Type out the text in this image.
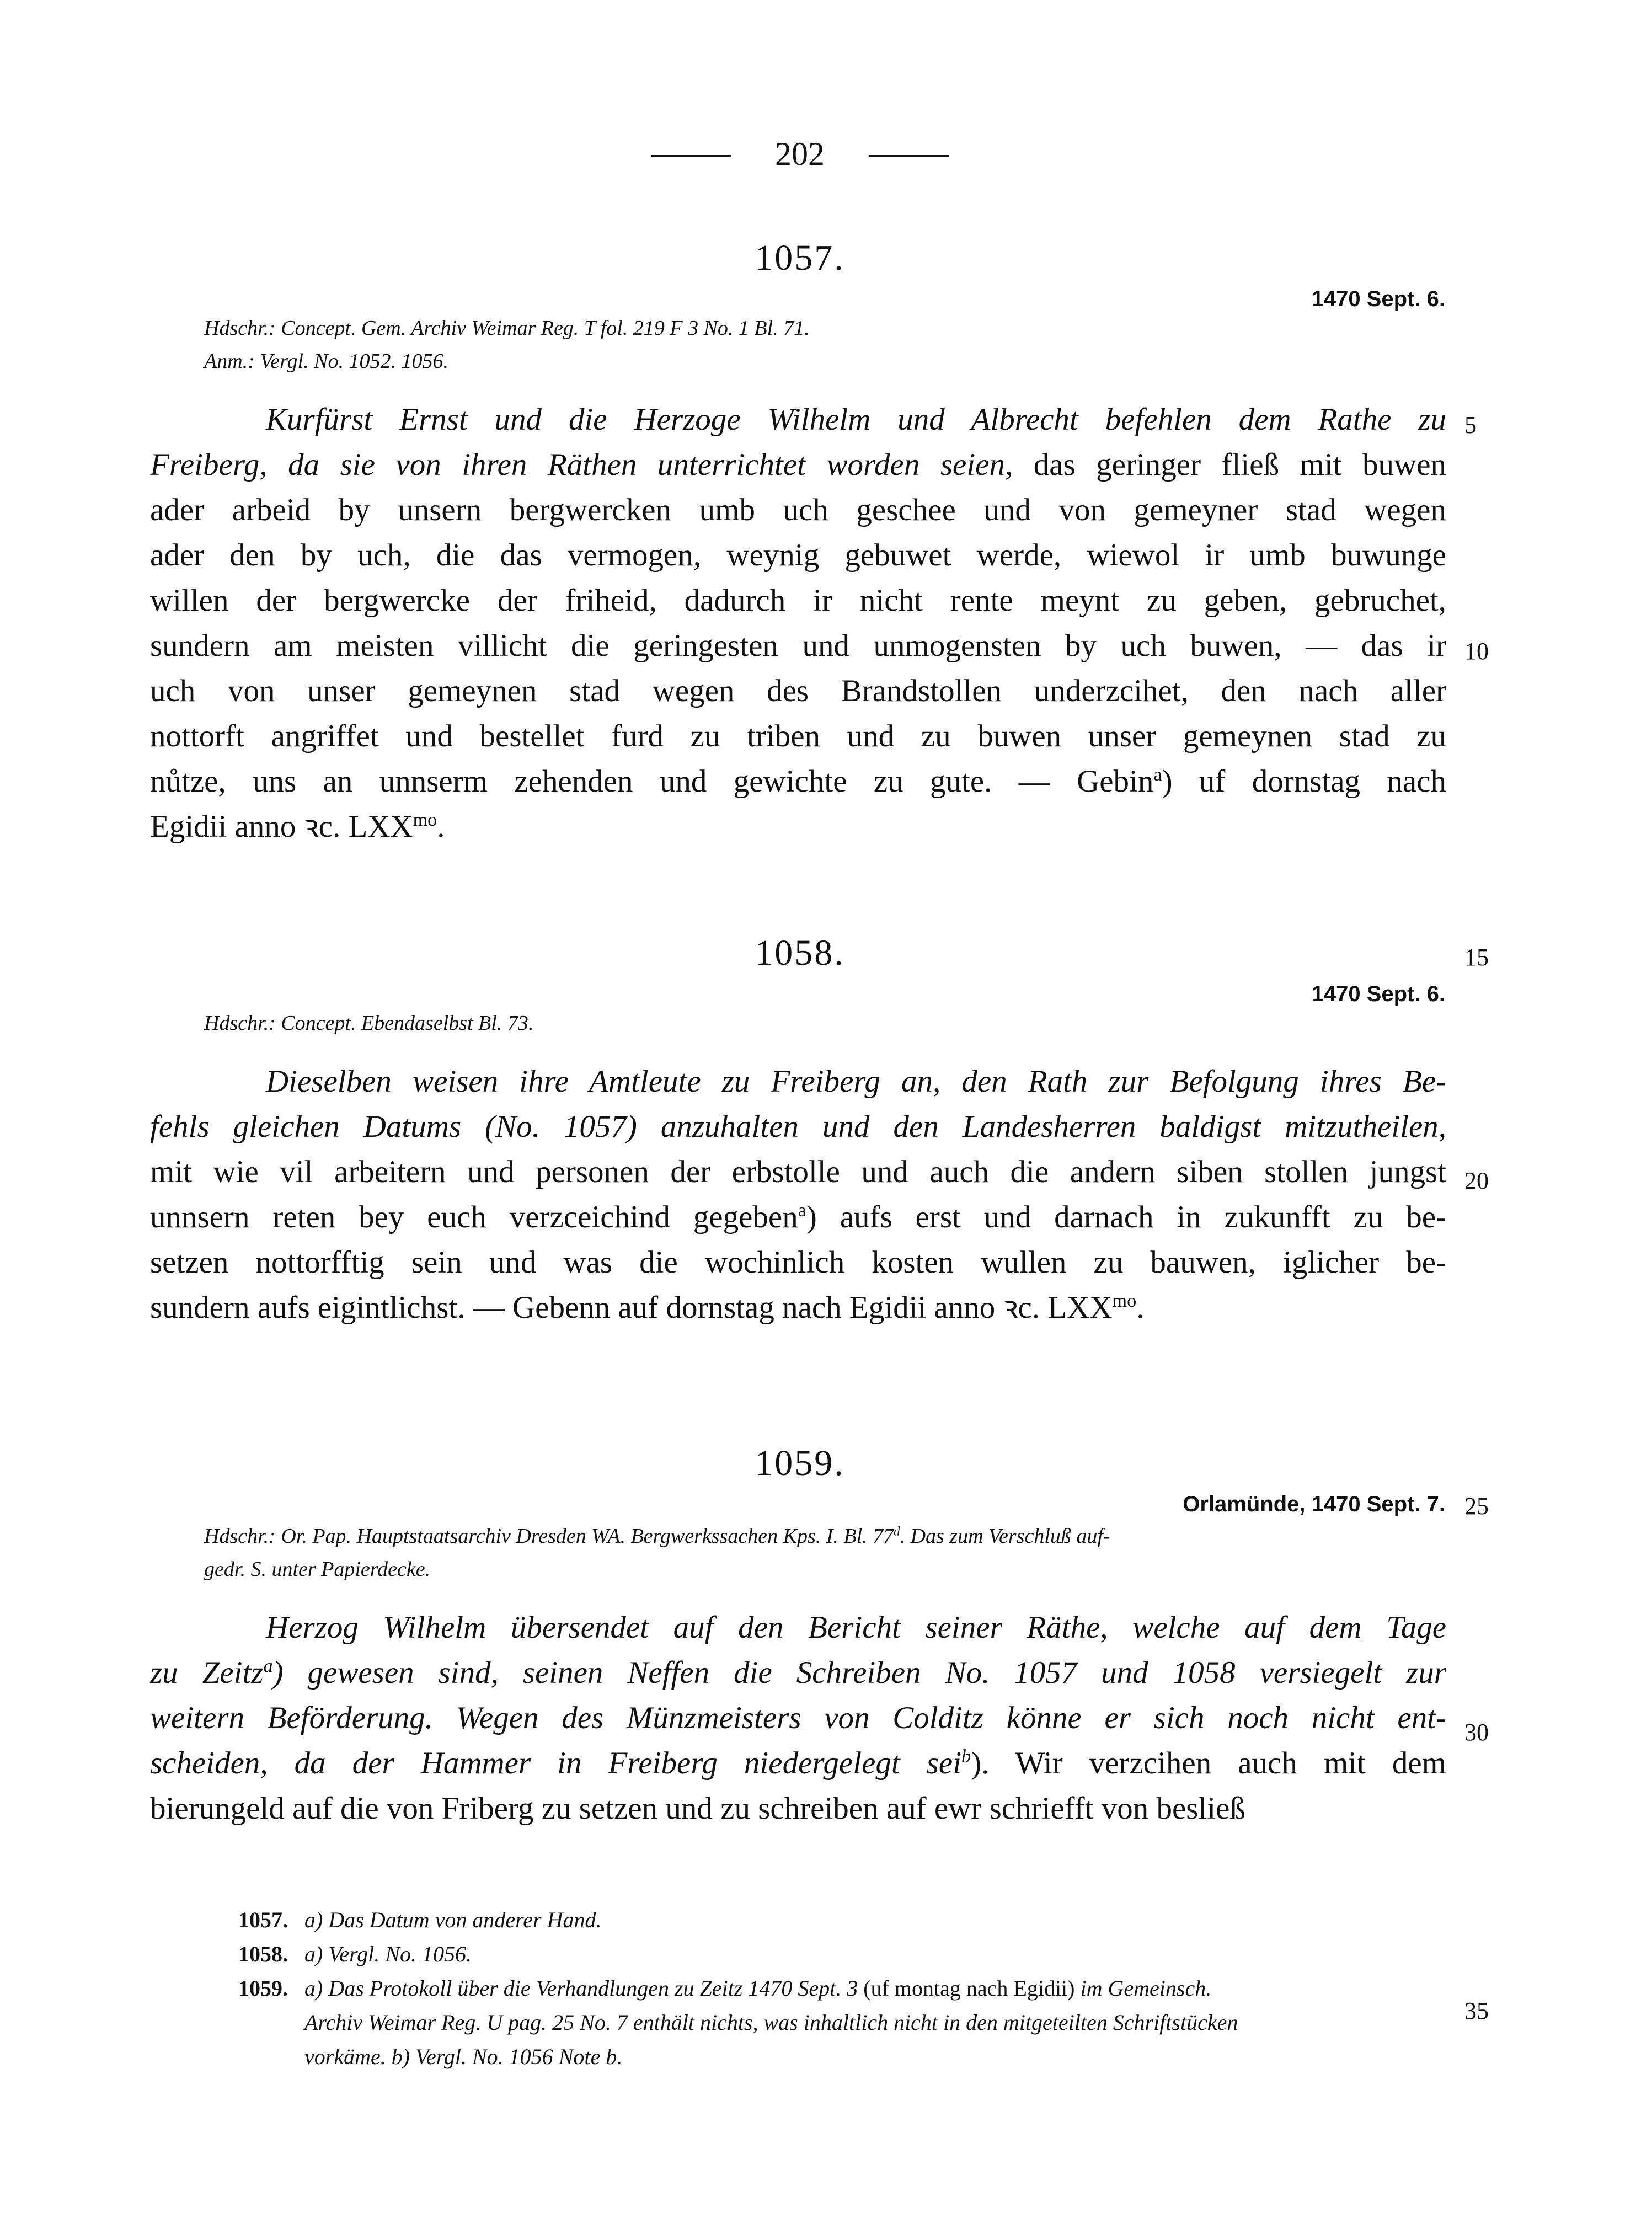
202
1057.
1470 Sept. 6.
Hdschr.: Concept. Gem. Archiv Weimar Reg. T fol. 219 F 3 No. 1 Bl. 71.
Anm.: Vergl. No. 1052. 1056.
Kurfürst Ernst und die Herzoge Wilhelm und Albrecht befehlen dem Rathe zu
Freiberg, da sie von ihren Räthen unterrichtet worden seien, das geringer fließ mit buwen
ader arbeid by unsern bergwercken umb uch geschee und von gemeyner stad wegen
ader den by uch, die das vermogen, weynig gebuwet werde, wiewol ir umb buwunge
willen der bergwercke der friheid, dadurch ir nicht rente meynt zu geben, gebruchet,
sundern am meisten villicht die geringesten und unmogensten by uch buwen, — das ir
uch von unser gemeynen stad wegen des Brandstollen underzcihet, den nach aller
nottorft angriffet und bestellet furd zu triben und zu buwen unser gemeynen stad zu
nůtze, uns an unnserm zehenden und gewichte zu gute. — Gebin$^a$) uf dornstag nach
Egidii anno ꝛc. $LXX^{mo}$.
1058.
1470 Sept. 6.
Hdschr.: Concept. Ebendaselbst Bl. 73.
Dieselben weisen ihre Amtleute zu Freiberg an, den Rath zur Befolgung ihres Be-
fehls gleichen Datums (No. 1057) anzuhalten und den Landesherren baldigst mitzutheilen,
mit wie vil arbeitern und personen der erbstolle und auch die andern siben stollen jungst
unnsern reten bey euch verzceichind gegeben$^a$) aufs erst und darnach in zukunfft zu be-
setzen nottorfftig sein und was die wochinlich kosten wullen zu bauwen, iglicher be-
sundern aufs eigintlichst. — Gebenn auf dornstag nach Egidii anno ꝛc. $LXX^{mo}$.
1059.
Orlamünde, 1470 Sept. 7.
Hdschr.: Or. Pap. Hauptstaatsarchiv Dresden WA. Bergwerkssachen Kps. I. Bl. 77$^d$. Das zum Verschluß auf-
gedr. S. unter Papierdecke.
Herzog Wilhelm übersendet auf den Bericht seiner Räthe, welche auf dem Tage
zu Zeitz$^a$) gewesen sind, seinen Neffen die Schreiben No. 1057 und 1058 versiegelt zur
weitern Beförderung. Wegen des Münzmeisters von Colditz könne er sich noch nicht ent-
scheiden, da der Hammer in Freiberg niedergelegt sei$^b$). Wir verzcihen auch mit dem
bierungeld auf die von Friberg zu setzen und zu schreiben auf ewr schriefft von besließ
5
10
15
20
25
30
35
1057. a) Das Datum von anderer Hand.
1058. a) Vergl. No. 1056.
1059. a) Das Protokoll über die Verhandlungen zu Zeitz 1470 Sept. 3 (uf montag nach Egidii) im Gemeinsch.
Archiv Weimar Reg. U pag. 25 No. 7 enthält nichts, was inhaltlich nicht in den mitgeteilten Schriftstücken
vorkäme. b) Vergl. No. 1056 Note b.
